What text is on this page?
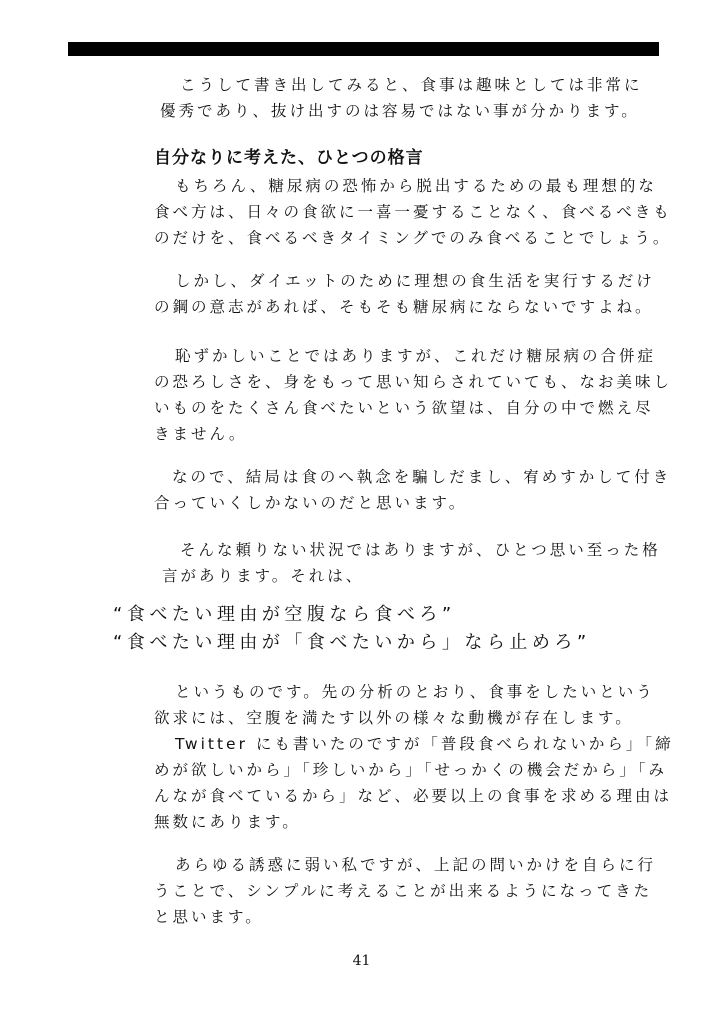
こうして書き出してみると、食事は趣味としては非常に
優秀であり、抜け出すのは容易ではない事が分かります。
自分なりに考えた、ひとつの格言
もちろん、糖尿病の恐怖から脱出するための最も理想的な
食べ方は、日々の食欲に一喜一憂することなく、食べるべきも
のだけを、食べるべきタイミングでのみ食べることでしょう。
しかし、ダイエットのために理想の食生活を実行するだけ
の鋼の意志があれば、そもそも糖尿病にならないですよね。
恥ずかしいことではありますが、これだけ糖尿病の合併症
の恐ろしさを、身をもって思い知らされていても、なお美味し
いものをたくさん食べたいという欲望は、自分の中で燃え尽
きません。
なので、結局は食のへ執念を騙しだまし、宥めすかして付き
合っていくしかないのだと思います。
そんな頼りない状況ではありますが、ひとつ思い至った格
言があります。それは、
“食べたい理由が空腹なら食べろ”
“食べたい理由が「食べたいから」なら止めろ”
というものです。先の分析のとおり、食事をしたいという
欲求には、空腹を満たす以外の様々な動機が存在します。
Twitter にも書いたのですが「普段食べられないから」「締
めが欲しいから」「珍しいから」「せっかくの機会だから」「み
んなが食べているから」など、必要以上の食事を求める理由は
無数にあります。
あらゆる誘惑に弱い私ですが、上記の問いかけを自らに行
うことで、シンプルに考えることが出来るようになってきた
と思います。
41
